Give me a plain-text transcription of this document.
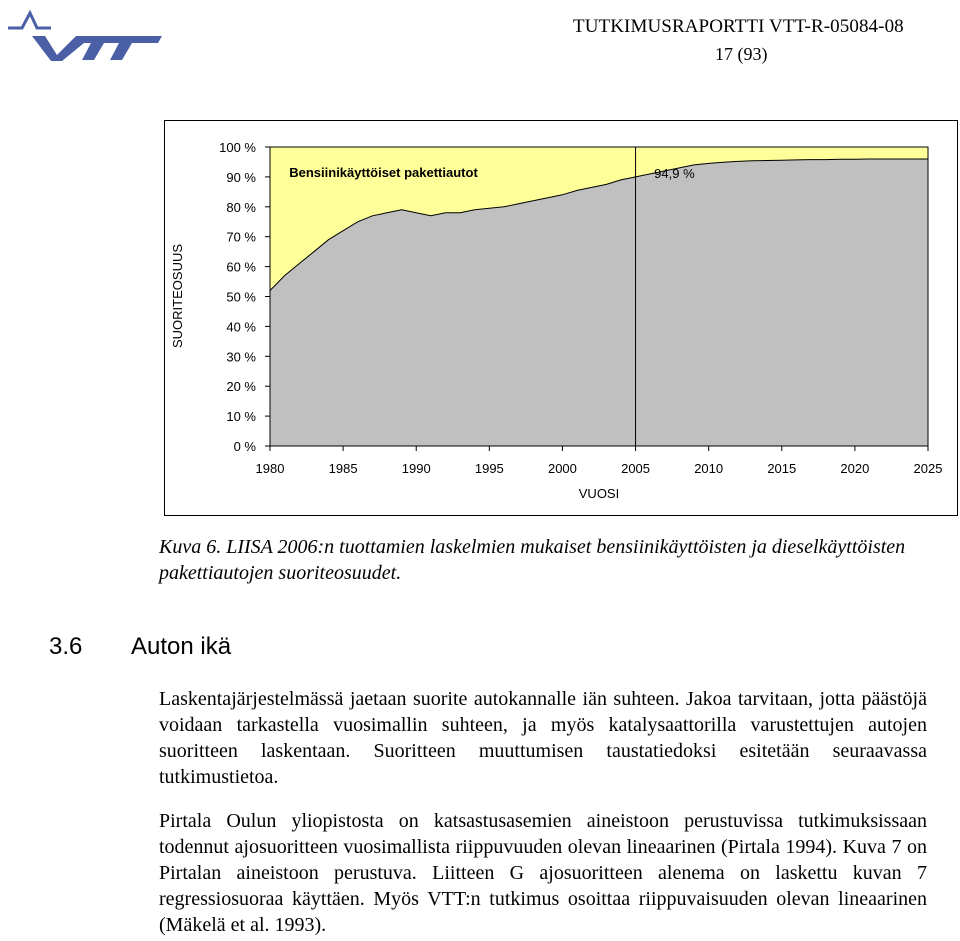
TUTKIMUSRAPORTTI VTT-R-05084-08
17 (93)
SUORITEOSUUS
VUOSI
0 %
10 %
20 %
30 %
40 %
50 %
60 %
70 %
80 %
90 %
100 %
1980	1985	1990	1995	2000	2005	2010	2015	2020	2025
94,9 %
Bensiinikäyttöiset pakettiautot
Kuva 6. LIISA 2006:n tuottamien laskelmien mukaiset bensiinikäyttöisten ja dieselkäyttöisten pakettiautojen suoriteosuudet.
3.6 Auton ikä

Laskentajärjestelmässä jaetaan suorite autokannalle iän suhteen. Jakoa tarvitaan, jotta päästöjä voidaan tarkastella vuosimallin suhteen, ja myös katalysaattorilla varustettujen autojen suoritteen laskentaan. Suoritteen muuttumisen taustatiedoksi esitetään seuraavassa tutkimustietoa.

Pirtala Oulun yliopistosta on katsastusasemien aineistoon perustuvissa tutkimuksissaan todennut ajosuoritteen vuosimallista riippuvuuden olevan lineaarinen (Pirtala 1994). Kuva 7 on Pirtalan aineistoon perustuva. Liitteen G ajosuoritteen alenema on laskettu kuvan 7 regressiosuoraa käyttäen. Myös VTT:n tutkimus osoittaa riippuvaisuuden olevan lineaarinen (Mäkelä et al. 1993).
